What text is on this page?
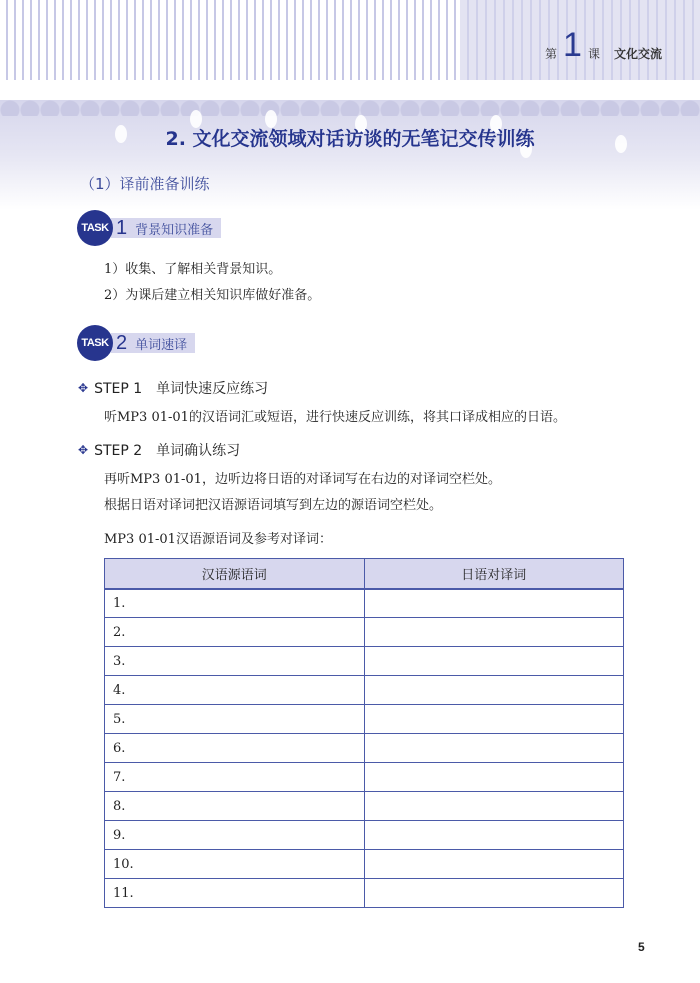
第 1 课 文化交流
2. 文化交流领域对话访谈的无笔记交传训练
（1）译前准备训练
TASK 1 背景知识准备
1）收集、了解相关背景知识。
2）为课后建立相关知识库做好准备。
TASK 2 单词速译
✥ STEP 1　单词快速反应练习
听MP3 01-01的汉语词汇或短语，进行快速反应训练，将其口译成相应的日语。
✥ STEP 2　单词确认练习
再听MP3 01-01，边听边将日语的对译词写在右边的对译词空栏处。
根据日语对译词把汉语源语词填写到左边的源语词空栏处。
MP3 01-01汉语源语词及参考对译词：
汉语源语词	日语对译词
1.	
2.	
3.	
4.	
5.	
6.	
7.	
8.	
9.	
10.	
11.	
5
